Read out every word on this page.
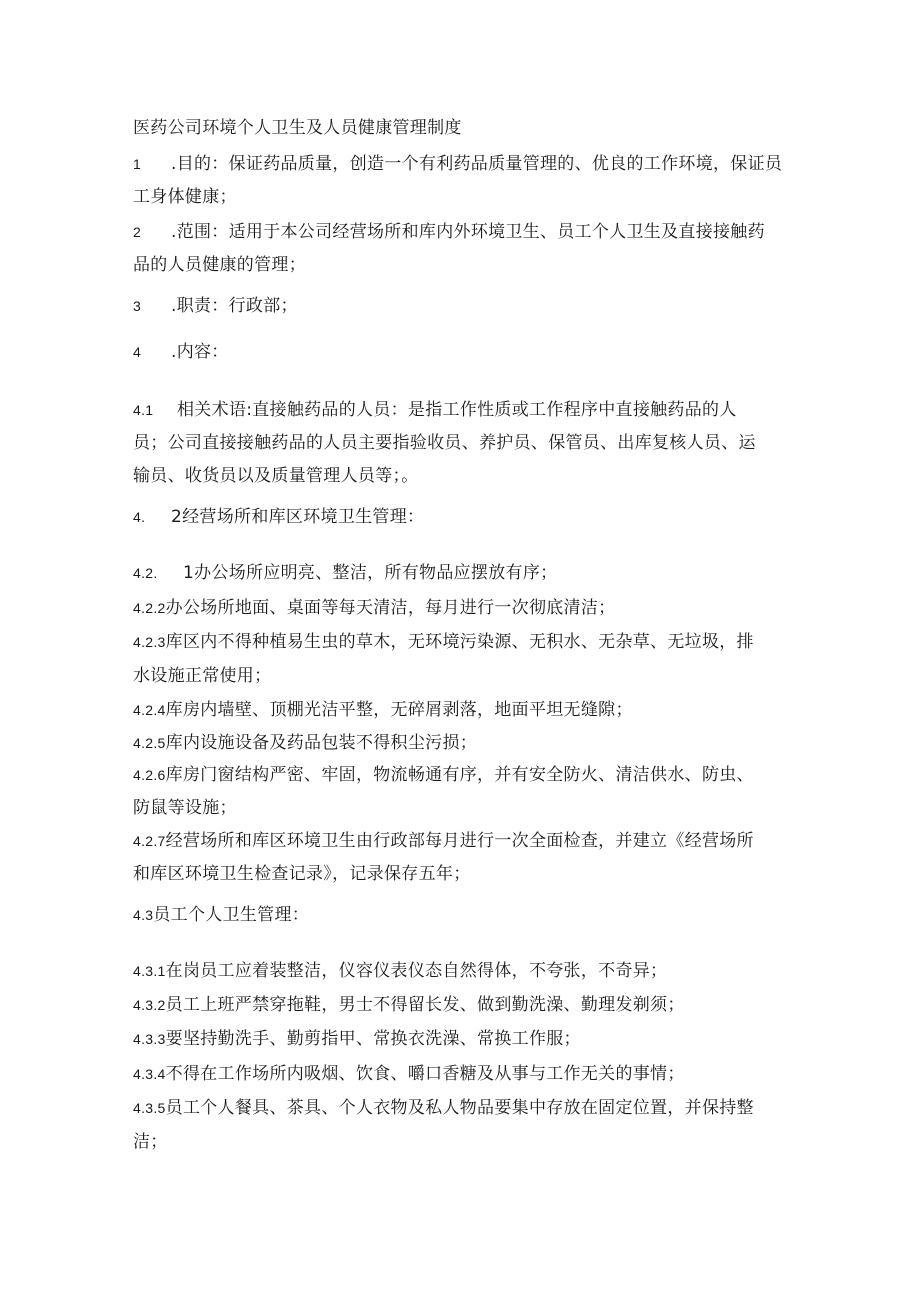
医药公司环境个人卫生及人员健康管理制度
1 .目的：保证药品质量，创造一个有利药品质量管理的、优良的工作环境，保证员
工身体健康；
2 .范围：适用于本公司经营场所和库内外环境卫生、员工个人卫生及直接接触药
品的人员健康的管理；
3 .职责：行政部；
4 .内容：
4.1 相关术语:直接触药品的人员：是指工作性质或工作程序中直接触药品的人
员；公司直接接触药品的人员主要指验收员、养护员、保管员、出库复核人员、运
输员、收货员以及质量管理人员等；。
4. 2经营场所和库区环境卫生管理：
4.2. 1办公场所应明亮、整洁，所有物品应摆放有序；
4.2.2办公场所地面、桌面等每天清洁，每月进行一次彻底清洁；
4.2.3库区内不得种植易生虫的草木，无环境污染源、无积水、无杂草、无垃圾，排
水设施正常使用；
4.2.4库房内墙壁、顶棚光洁平整，无碎屑剥落，地面平坦无缝隙；
4.2.5库内设施设备及药品包装不得积尘污损；
4.2.6库房门窗结构严密、牢固，物流畅通有序，并有安全防火、清洁供水、防虫、
防鼠等设施；
4.2.7经营场所和库区环境卫生由行政部每月进行一次全面检查，并建立《经营场所
和库区环境卫生检查记录》，记录保存五年；
4.3员工个人卫生管理：
4.3.1在岗员工应着装整洁，仪容仪表仪态自然得体，不夸张，不奇异；
4.3.2员工上班严禁穿拖鞋，男士不得留长发、做到勤洗澡、勤理发剃须；
4.3.3要坚持勤洗手、勤剪指甲、常换衣洗澡、常换工作服；
4.3.4不得在工作场所内吸烟、饮食、嚼口香糖及从事与工作无关的事情；
4.3.5员工个人餐具、茶具、个人衣物及私人物品要集中存放在固定位置，并保持整
洁；
